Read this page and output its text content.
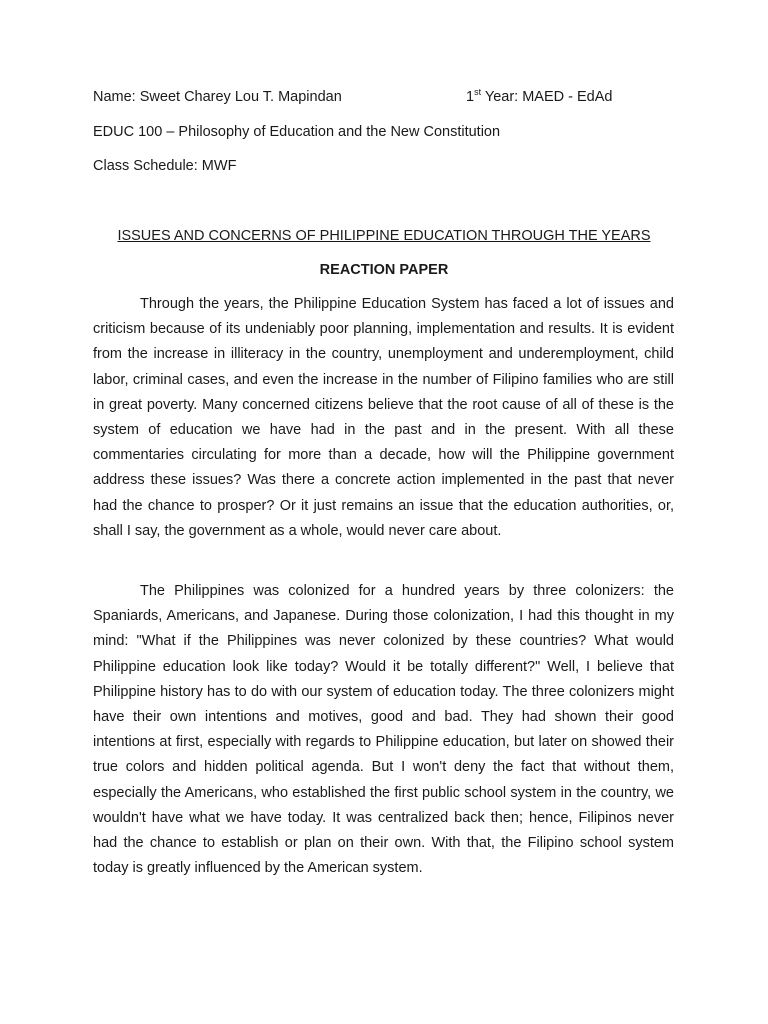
Name: Sweet Charey Lou T. Mapindan	1st Year: MAED - EdAd
EDUC 100 – Philosophy of Education and the New Constitution
Class Schedule: MWF
ISSUES AND CONCERNS OF PHILIPPINE EDUCATION THROUGH THE YEARS
REACTION PAPER

Through the years, the Philippine Education System has faced a lot of issues and criticism because of its undeniably poor planning, implementation and results. It is evident from the increase in illiteracy in the country, unemployment and underemployment, child labor, criminal cases, and even the increase in the number of Filipino families who are still in great poverty. Many concerned citizens believe that the root cause of all of these is the system of education we have had in the past and in the present. With all these commentaries circulating for more than a decade, how will the Philippine government address these issues? Was there a concrete action implemented in the past that never had the chance to prosper? Or it just remains an issue that the education authorities, or, shall I say, the government as a whole, would never care about.

The Philippines was colonized for a hundred years by three colonizers: the Spaniards, Americans, and Japanese. During those colonization, I had this thought in my mind: "What if the Philippines was never colonized by these countries? What would Philippine education look like today? Would it be totally different?" Well, I believe that Philippine history has to do with our system of education today. The three colonizers might have their own intentions and motives, good and bad. They had shown their good intentions at first, especially with regards to Philippine education, but later on showed their true colors and hidden political agenda. But I won't deny the fact that without them, especially the Americans, who established the first public school system in the country, we wouldn't have what we have today. It was centralized back then; hence, Filipinos never had the chance to establish or plan on their own. With that, the Filipino school system today is greatly influenced by the American system.
